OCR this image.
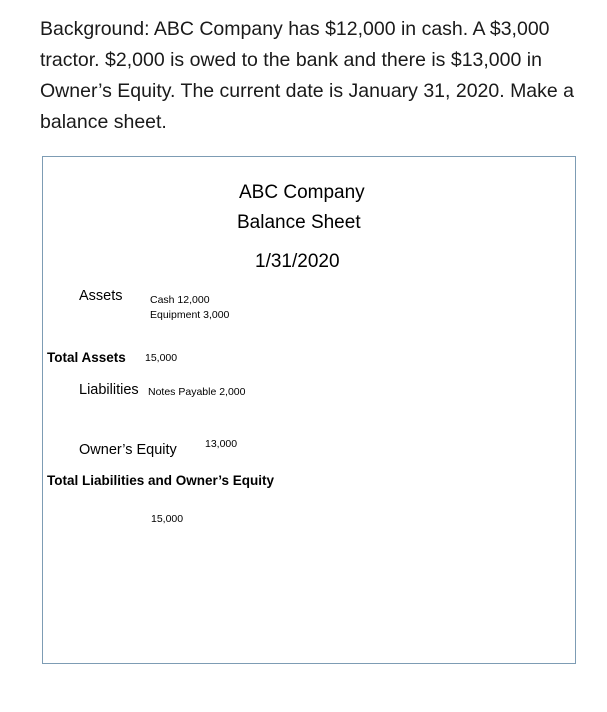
Background: ABC Company has $12,000 in cash. A $3,000 tractor. $2,000 is owed to the bank and there is $13,000 in Owner’s Equity. The current date is January 31, 2020. Make a balance sheet.

ABC Company
Balance Sheet
1/31/2020
Assets	Cash 12,000
Equipment 3,000
Total Assets 15,000
Liabilities Notes Payable 2,000
Owner’s Equity	13,000
Total Liabilities and Owner’s Equity
15,000
